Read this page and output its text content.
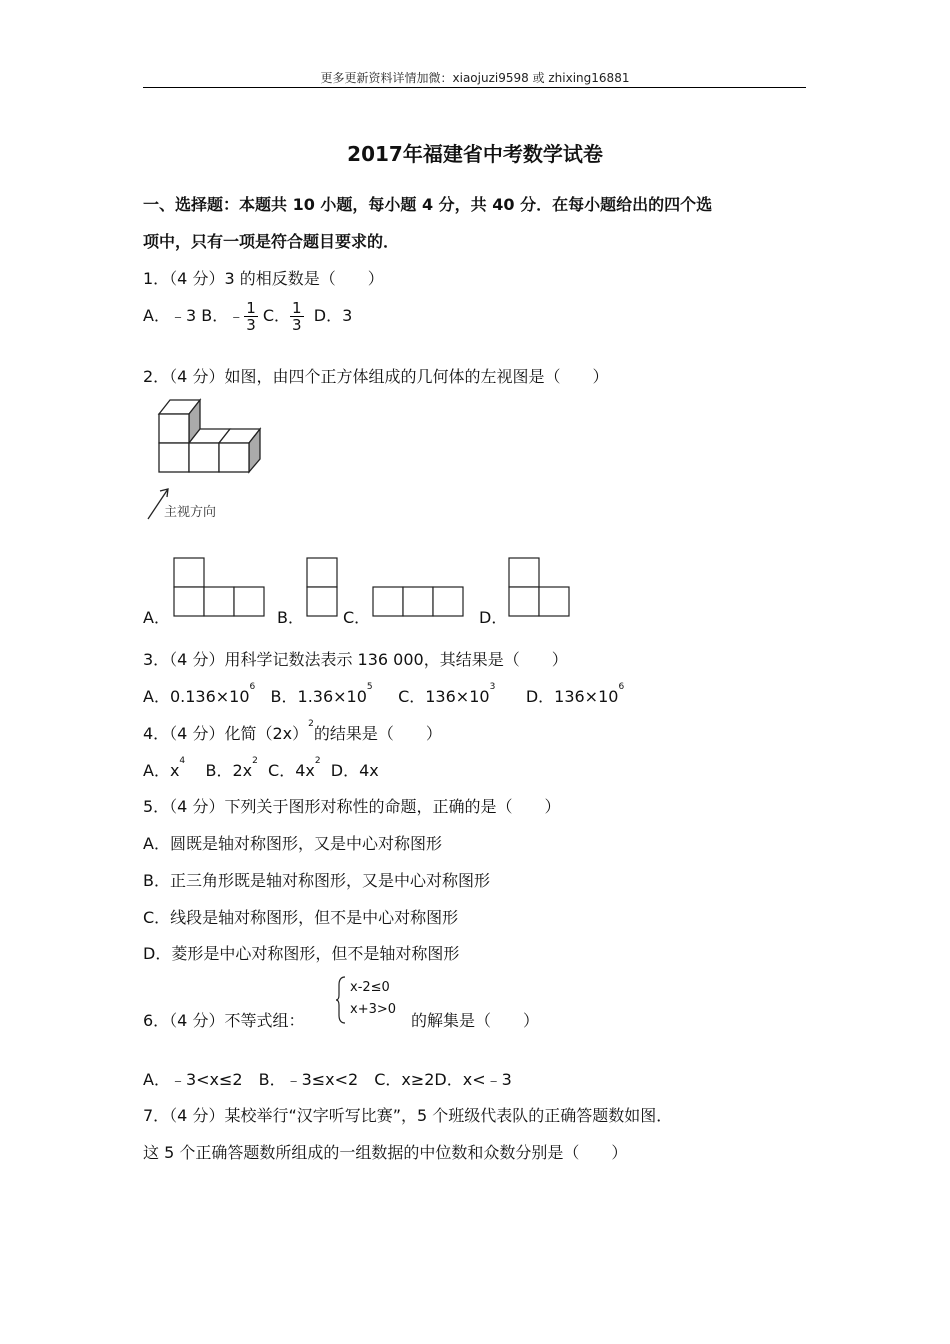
更多更新资料详情加微：xiaojuzi9598 或 zhixing16881
2017年福建省中考数学试卷
一、选择题：本题共 10 小题，每小题 4 分，共 40 分．在每小题给出的四个选
项中，只有一项是符合题目要求的．
1．（4 分）3 的相反数是（　　）
A．﹣3 B．﹣ $\frac{1}{3}$ C． $\frac{1}{3}$ D．3
2．（4 分）如图，由四个正方体组成的几何体的左视图是（　　）
主视方向
A．	B． C．	D．
3．（4 分）用科学记数法表示 136 000，其结果是（　　）
A．$0.136\times 10^6$ B．$1.36\times 10^5$ C．$136\times 10^3$ D．$136\times 10^6$
4．（4 分）化简$(2x)^2$的结果是（　　）
A．$x^4$ B．$2x^2$ C．$4x^2$ D．4x
5．（4 分）下列关于图形对称性的命题，正确的是（　　）
A．圆既是轴对称图形，又是中心对称图形
B．正三角形既是轴对称图形，又是中心对称图形
C．线段是轴对称图形，但不是中心对称图形
D．菱形是中心对称图形，但不是轴对称图形
6．（4 分）不等式组：
x-2≤0
x+3>0
的解集是（　　）
A．﹣3<x≤2　B．﹣3≤x<2　C．x≥2D．x<﹣3
7．（4 分）某校举行“汉字听写比赛”，5 个班级代表队的正确答题数如图．
这 5 个正确答题数所组成的一组数据的中位数和众数分别是（　　）
